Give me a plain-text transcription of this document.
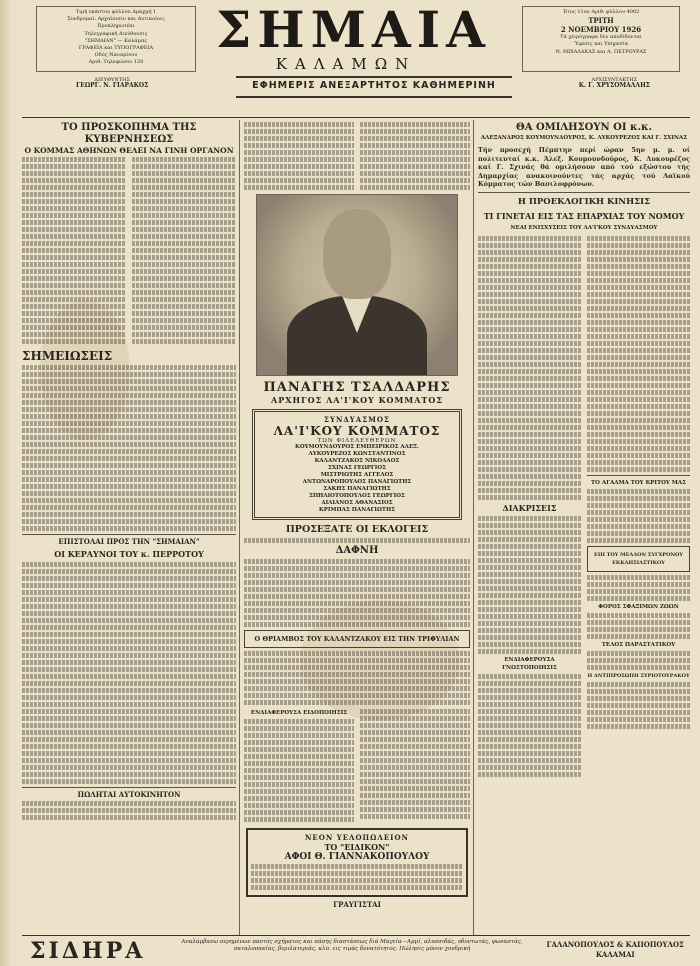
Τιμή εκάστου φύλλου Δραχμή 1
Συνδρομαί: Αρχαίοισιν και Δυτικοίοις
Προπληρωτέαι
Τηλεγραφική Διεύθυνσις
"ΣΗΜΑΙΑΝ" — Καλάμας
ΓΡΑΦΕΙΑ και ΤΥΠΟΓΡΑΦΕΙΑ
Οδός Ναυαρίνου
Αριθ. Τηλεφώνου 128
ΣΗΜΑΙΑ
ΚΑΛΑΜΩΝ
Έτος 11ον Αριθ. φύλλου 4002
ΤΡΙΤΗ
2 ΝΟΕΜΒΡΙΟΥ 1926
Τά χειρόγραφα δεν αποδίδονται
Ύφεσις και Υπηρεσία
Ν. ΜΙΧΑΛΑΚΑΣ και Α. ΠΕΤΡΟΥΡΑΣ
ΔΙΕΥΘΥΝΤΗΣ
ΓΕΩΡΓ. Ν. ΓΙΑΡΑΚΟΣ	ΕΦΗΜΕΡΙΣ ΑΝΕΞΑΡΤΗΤΟΣ ΚΑΘΗΜΕΡΙΝΗ	ΑΡΧΙΣΥΝΤΑΚΤΗΣ
Κ. Γ. ΧΡΥΣΟΜΑΛΛΗΣ
ΤΟ ΠΡΟΣΚΟΠΗΜΑ ΤΗΣ ΚΥΒΕΡΝΗΣΕΩΣ
Ο ΚΟΜΜΑΣ ΑΘΗΝΩΝ ΘΕΛΕΙ ΝΑ ΓΙΝΗ ΟΡΓΑΝΟΝ
ΣΗΜΕΙΩΣΕΙΣ
ΕΠΙΣΤΟΛΑΙ ΠΡΟΣ ΤΗΝ "ΣΗΜΑΙΑΝ"
ΟΙ ΚΕΡΑΥΝΟΙ ΤΟΥ κ. ΠΕΡΡΟΤΟΥ
ΠΩΛΗΤΑΙ ΑΥΤΟΚΙΝΗΤΟΝ
ΠΑΝΑΓΗΣ ΤΣΑΛΔΑΡΗΣ
ΑΡΧΗΓΟΣ ΛΑ'Ι'ΚΟΥ ΚΟΜΜΑΤΟΣ
ΣΥΝΔΥΑΣΜΟΣ
ΛΑ'Ι'ΚΟΥ ΚΟΜΜΑΤΟΣ
ΤΩΝ ΦΙΛΕΛΕΥΘΕΡΩΝ
ΚΟΥΜΟΥΝΔΟΥΡΟΣ ΕΜΠΕΙΡΙΚΟΣ ΑΛΕΞ.
ΛΥΚΟΥΡΕΖΟΣ ΚΩΝΣΤΑΝΤΙΝΟΣ
ΚΑΛΑΝΤΖΑΚΟΣ ΝΙΚΟΛΑΟΣ
ΣΧΙΝΑΣ ΓΕΩΡΓΙΟΣ
ΜΙΣΤΡΙΩΤΗΣ ΑΓΓΕΛΟΣ
ΑΝΤΩΝΑΡΟΠΟΥΛΟΣ ΠΑΝΑΓΙΩΤΗΣ
ΣΑΚΗΣ ΠΑΝΑΓΙΩΤΗΣ
ΣΠΗΛΙΟΤΟΠΟΥΛΟΣ ΓΕΩΡΓΙΟΣ
ΔΙΛΙΑΝΟΣ ΑΘΑΝΑΣΙΟΣ
ΚΡΙΜΠΑΣ ΠΑΝΑΓΙΩΤΗΣ
ΠΡΟΣΕΞΑΤΕ ΟΙ ΕΚΛΟΓΕΙΣ
ΔΑΦΝΗ
Ο ΘΡΙΑΜΒΟΣ ΤΟΥ ΚΑΛΑΝΤΖΑΚΟΥ ΕΙΣ ΤΗΝ ΤΡΙΦΥΛΙΑΝ
ΕΝΔΙΑΦΕΡΟΥΣΑ ΕΙΔΟΠΟΙΗΣΙΣ
ΝΕΟΝ ΥΕΛΟΠΩΛΕΙΟΝ
ΤΟ "ΕΙΔΙΚΟΝ"
ΑΦΟΙ Θ. ΓΙΑΝΝΑΚΟΠΟΥΛΟΥ
ΓΡΑΥΓΙΣΤΑΙ
ΘΑ ΟΜΙΛΗΣΟΥΝ ΟΙ κ.κ.
ΑΛΕΞΑΝΔΡΟΣ ΚΟΥΜΟΥΝΔΟΥΡΟΣ, Κ. ΛΥΚΟΥΡΕΖΟΣ ΚΑΙ Γ. ΣΧΙΝΑΣ
Τήν προσεχή Πέμπτην περί ώραν 5ην μ. μ. οί πολιτευταί κ.κ. Άλεξ. Κουμουνδούρος, Κ. Λυκουρέζος καί Γ. Σχινάς θά ομιλήσουν από τού εξώστου τής Δημαρχίας ανακοινούντες τάς αρχάς τού Λαϊκού Κόμματος τών Βασιλοφρόνων.
Η ΠΡΟΕΚΛΟΓΙΚΗ ΚΙΝΗΣΙΣ
ΤΙ ΓΙΝΕΤΑΙ ΕΙΣ ΤΑΣ ΕΠΑΡΧΙΑΣ ΤΟΥ ΝΟΜΟΥ
ΝΕΑΙ ΕΝΙΣΧΥΣΕΙΣ ΤΟΥ ΛΑ'Ι'ΚΟΥ ΣΥΝΔΥΑΣΜΟΥ
ΔΙΑΚΡΙΣΕΙΣ
ΕΝΔΙΑΦΕΡΟΥΣΑ ΓΝΩΣΤΟΠΟΙΗΣΙΣ
ΤΟ ΑΓΑΛΜΑ ΤΟΥ ΚΡΙΤΟΥ ΜΑΣ
ΕΠΙ ΤΟΥ ΜΕΛΛΟΝ ΣΥΓΧΡΟΝΟΥ ΕΚΚΛΗΣΙΑΣΤΙΚΟΥ
ΦΟΡΟΣ ΣΦΑΞΙΜΩΝ ΖΩΩΝ
ΤΕΛΟΣ ΠΑΡΑΣΤΑΤΙΚΟΥ
Η ΑΝΤΙΠΡΟΣΩΠΗ ΣΥΡΙΟΤΟΥΡΑΚΟΥ
ΣΙΔΗΡΑ	Αναλάμβανω σερημένων παντός σχήματος και πάσης διαστάσεως διά Μαγεία—Αμμί, αλυσσιδάς, οδοντωτάς, φωναστάς, παταλοπακίας, βεριλατεριάς, κλπ. εις τιμάς δυνατότητος. Πώλησις μόνον χονδρική	ΓΑΛΑΝΟΠΟΥΛΟΣ & ΚΑΙΙΟΠΟΥΛΟΣ
ΚΑΛΑΜΑΙ
